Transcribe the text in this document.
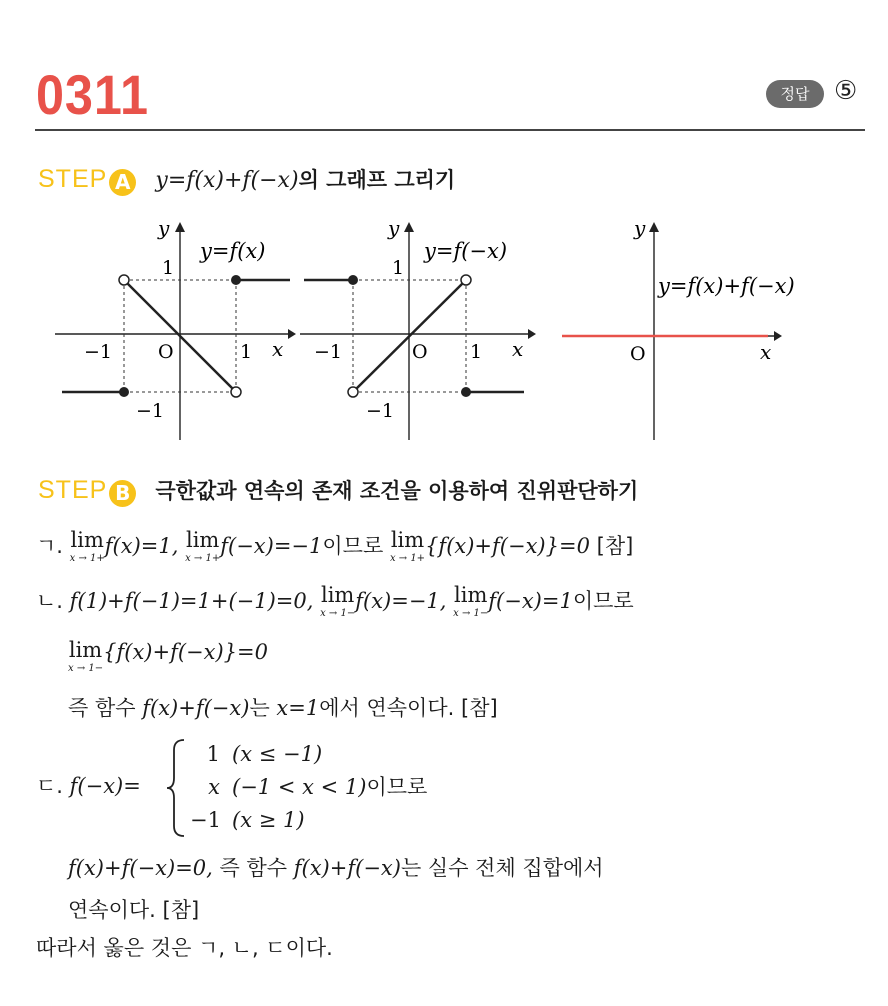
0311	정답 ⑤
STEP A y=f(x)+f(−x)의 그래프 그리기
y
y=f(x)
1
O
−1	1 x
−1
y
y=f(−x)
1
O
−1	1 x
−1
y
y=f(x)+f(−x)
O	x
STEP B 극한값과 연속의 존재 조건을 이용하여 진위판단하기
ㄱ. lim
x → 1+
f(x)=1, lim
x → 1+
f(−x)=−1이므로 lim
x → 1+
{f(x)+f(−x)}=0 [참]
ㄴ. f(1)+f(−1)=1+(−1)=0, lim
x → 1−
f(x)=−1, lim
x → 1−
f(−x)=1이므로
lim
x → 1−
{f(x)+f(−x)}=0
즉 함수 f(x)+f(−x)는 x=1에서 연속이다. [참]
ㄷ. f(−x)=
1 (x ≤ −1)
x (−1 < x < 1)이므로
−1 (x ≥ 1)
f(x)+f(−x)=0, 즉 함수 f(x)+f(−x)는 실수 전체 집합에서
연속이다. [참]
따라서 옳은 것은 ㄱ, ㄴ, ㄷ이다.
